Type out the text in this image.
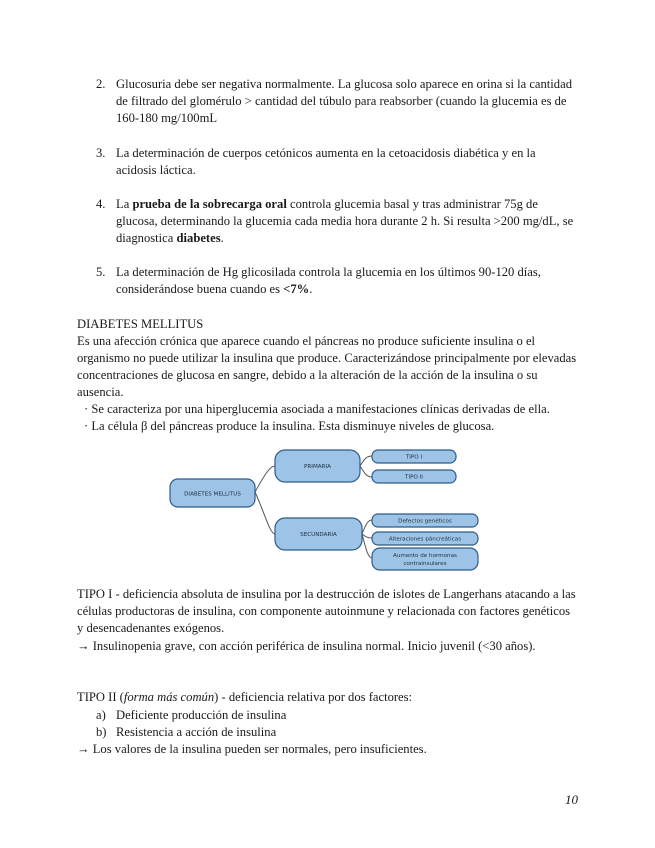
2. Glucosuria debe ser negativa normalmente. La glucosa solo aparece en orina si la cantidad de filtrado del glomérulo > cantidad del túbulo para reabsorber (cuando la glucemia es de 160-180 mg/100mL
3. La determinación de cuerpos cetónicos aumenta en la cetoacidosis diabética y en la acidosis láctica.
4. La prueba de la sobrecarga oral controla glucemia basal y tras administrar 75g de glucosa, determinando la glucemia cada media hora durante 2 h. Si resulta >200 mg/dL, se diagnostica diabetes.
5. La determinación de Hg glicosilada controla la glucemia en los últimos 90-120 días, considerándose buena cuando es <7%.
DIABETES MELLITUS
Es una afección crónica que aparece cuando el páncreas no produce suficiente insulina o el organismo no puede utilizar la insulina que produce. Caracterizándose principalmente por elevadas concentraciones de glucosa en sangre, debido a la alteración de la acción de la insulina o su ausencia.
· Se caracteriza por una hiperglucemia asociada a manifestaciones clínicas derivadas de ella.
· La célula β del páncreas produce la insulina. Esta disminuye niveles de glucosa.
DIABETES MELLITUS
PRIMARIA
SECUNDARIA
TIPO I
TIPO II
Defectos genéticos
Alteraciones páncreáticas
Aumento de hormonas
contrainsulares
TIPO I - deficiencia absoluta de insulina por la destrucción de islotes de Langerhans atacando a las células productoras de insulina, con componente autoinmune y relacionada con factores genéticos y desencadenantes exógenos.
→ Insulinopenia grave, con acción periférica de insulina normal. Inicio juvenil (<30 años).
TIPO II (forma más común) - deficiencia relativa por dos factores:
a) Deficiente producción de insulina
b) Resistencia a acción de insulina
→ Los valores de la insulina pueden ser normales, pero insuficientes.
10
